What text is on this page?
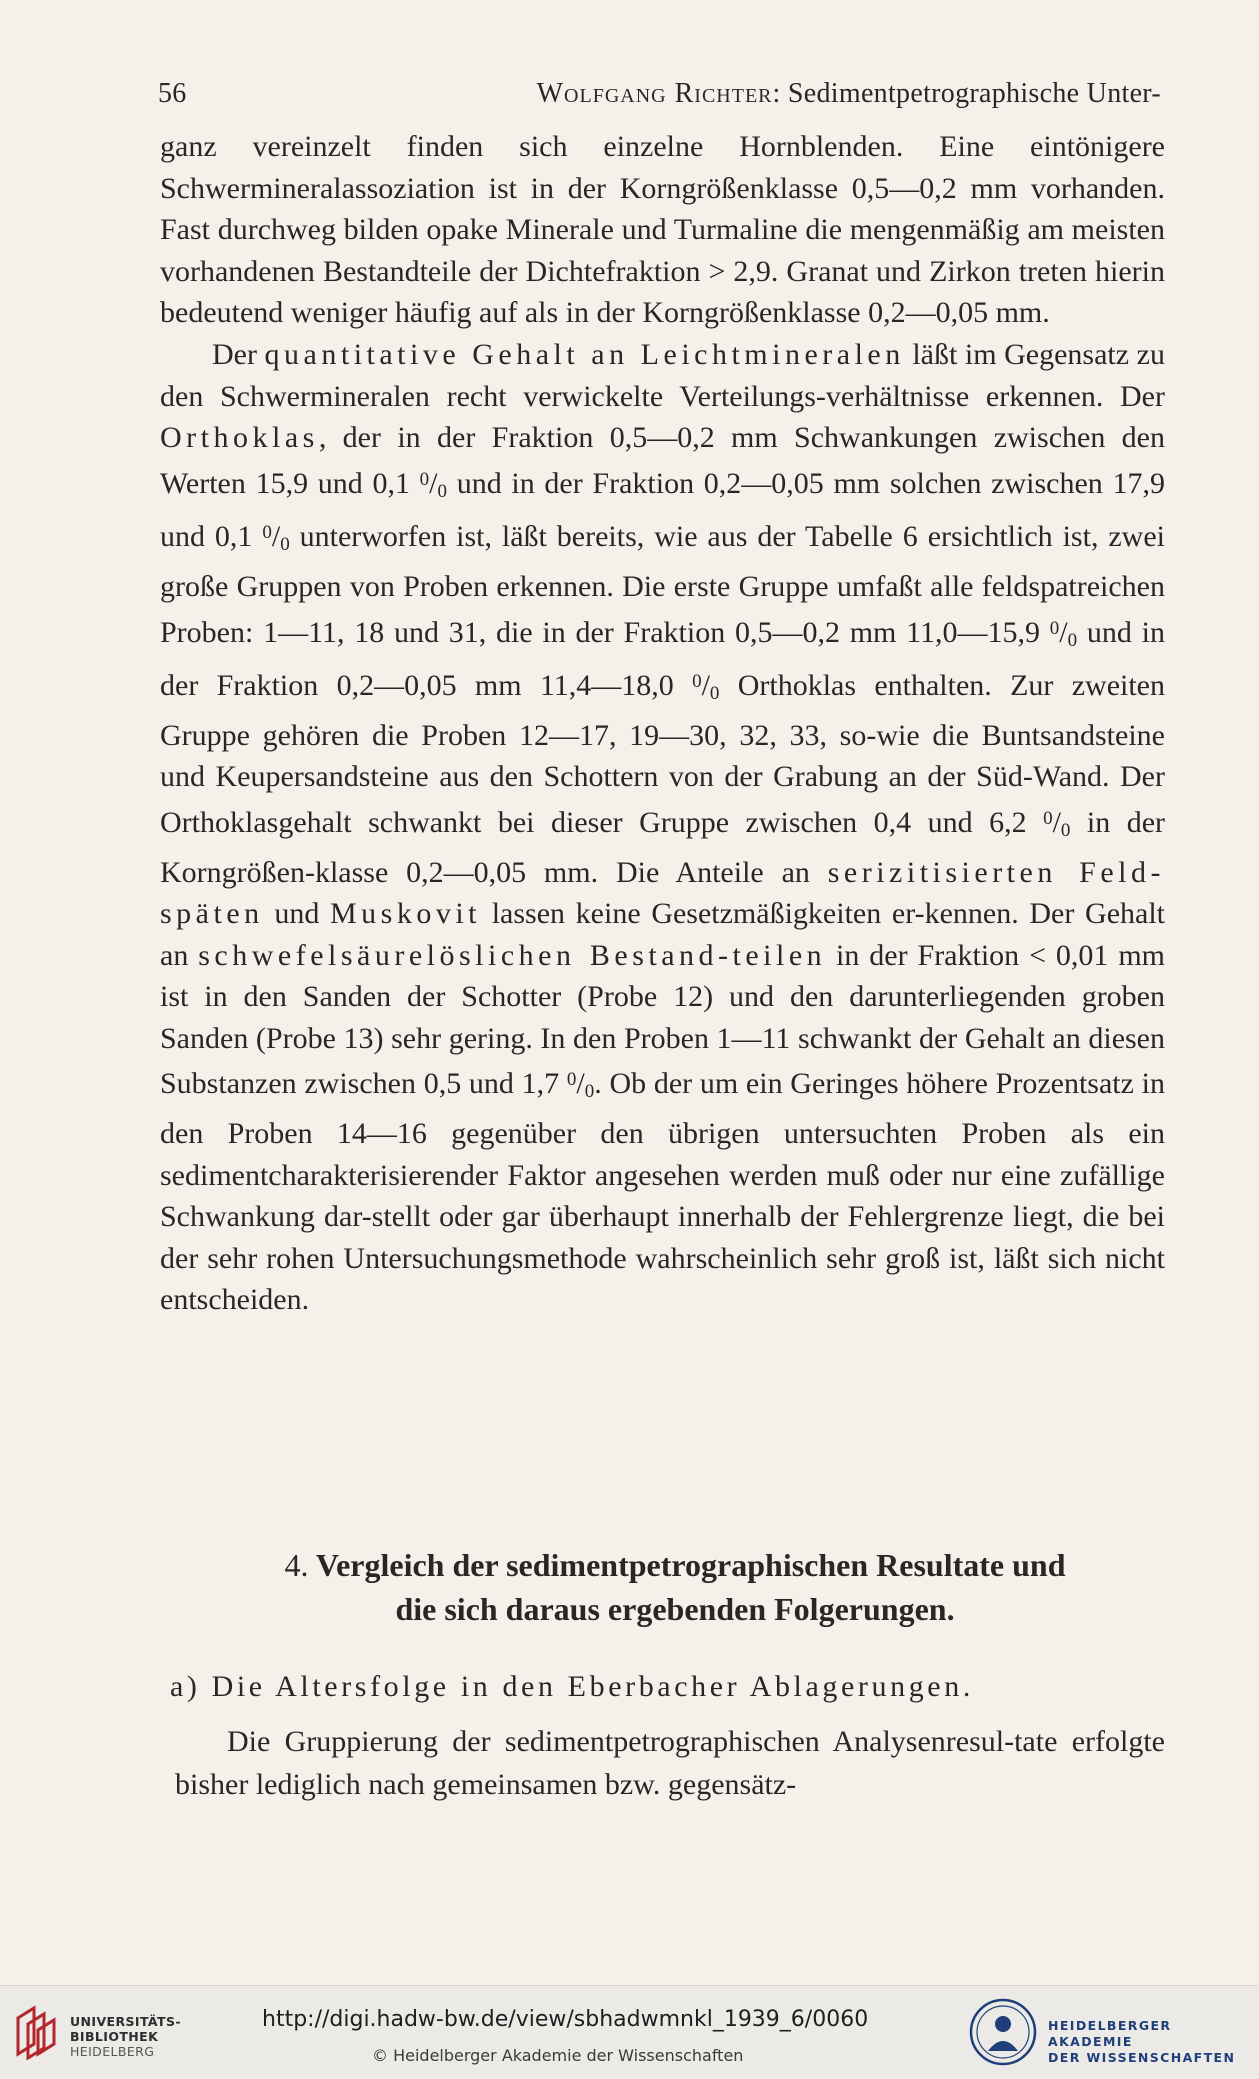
56	Wolfgang Richter: Sedimentpetrographische Unter-

ganz vereinzelt finden sich einzelne Hornblenden. Eine eintönigere Schwermineralassoziation ist in der Korngrößenklasse 0,5—0,2 mm vorhanden. Fast durchweg bilden opake Minerale und Turmaline die mengenmäßig am meisten vorhandenen Bestandteile der Dichtefraktion > 2,9. Granat und Zirkon treten hierin bedeutend weniger häufig auf als in der Korngrößenklasse 0,2—0,05 mm.

Der quantitative Gehalt an Leichtmineralen läßt im Gegensatz zu den Schwermineralen recht verwickelte Verteilungs-verhältnisse erkennen. Der Orthoklas, der in der Fraktion 0,5—0,2 mm Schwankungen zwischen den Werten 15,9 und 0,1 $^0/_0$ und in der Fraktion 0,2—0,05 mm solchen zwischen 17,9 und 0,1 $^0/_0$ unterworfen ist, läßt bereits, wie aus der Tabelle 6 ersichtlich ist, zwei große Gruppen von Proben erkennen. Die erste Gruppe umfaßt alle feldspatreichen Proben: 1—11, 18 und 31, die in der Fraktion 0,5—0,2 mm 11,0—15,9 $^0/_0$ und in der Fraktion 0,2—0,05 mm 11,4—18,0 $^0/_0$ Orthoklas enthalten. Zur zweiten Gruppe gehören die Proben 12—17, 19—30, 32, 33, so-wie die Buntsandsteine und Keupersandsteine aus den Schottern von der Grabung an der Süd-Wand. Der Orthoklasgehalt schwankt bei dieser Gruppe zwischen 0,4 und 6,2 $^0/_0$ in der Korngrößen-klasse 0,2—0,05 mm. Die Anteile an serizitisierten Feld-späten und Muskovit lassen keine Gesetzmäßigkeiten er-kennen. Der Gehalt an schwefelsäurelöslichen Bestand-teilen in der Fraktion < 0,01 mm ist in den Sanden der Schotter (Probe 12) und den darunterliegenden groben Sanden (Probe 13) sehr gering. In den Proben 1—11 schwankt der Gehalt an diesen Substanzen zwischen 0,5 und 1,7 $^0/_0$. Ob der um ein Geringes höhere Prozentsatz in den Proben 14—16 gegenüber den übrigen untersuchten Proben als ein sedimentcharakterisierender Faktor angesehen werden muß oder nur eine zufällige Schwankung dar-stellt oder gar überhaupt innerhalb der Fehlergrenze liegt, die bei der sehr rohen Untersuchungsmethode wahrscheinlich sehr groß ist, läßt sich nicht entscheiden.

4. Vergleich der sedimentpetrographischen Resultate und
die sich daraus ergebenden Folgerungen.
a) Die Altersfolge in den Eberbacher Ablagerungen.

Die Gruppierung der sedimentpetrographischen Analysenresul-tate erfolgte bisher lediglich nach gemeinsamen bzw. gegensätz-

UNIVERSITÄTS-
BIBLIOTHEK
HEIDELBERG
http://digi.hadw-bw.de/view/sbhadwmnkl_1939_6/0060
© Heidelberger Akademie der Wissenschaften
HEIDELBERGER AKADEMIE
DER WISSENSCHAFTEN
